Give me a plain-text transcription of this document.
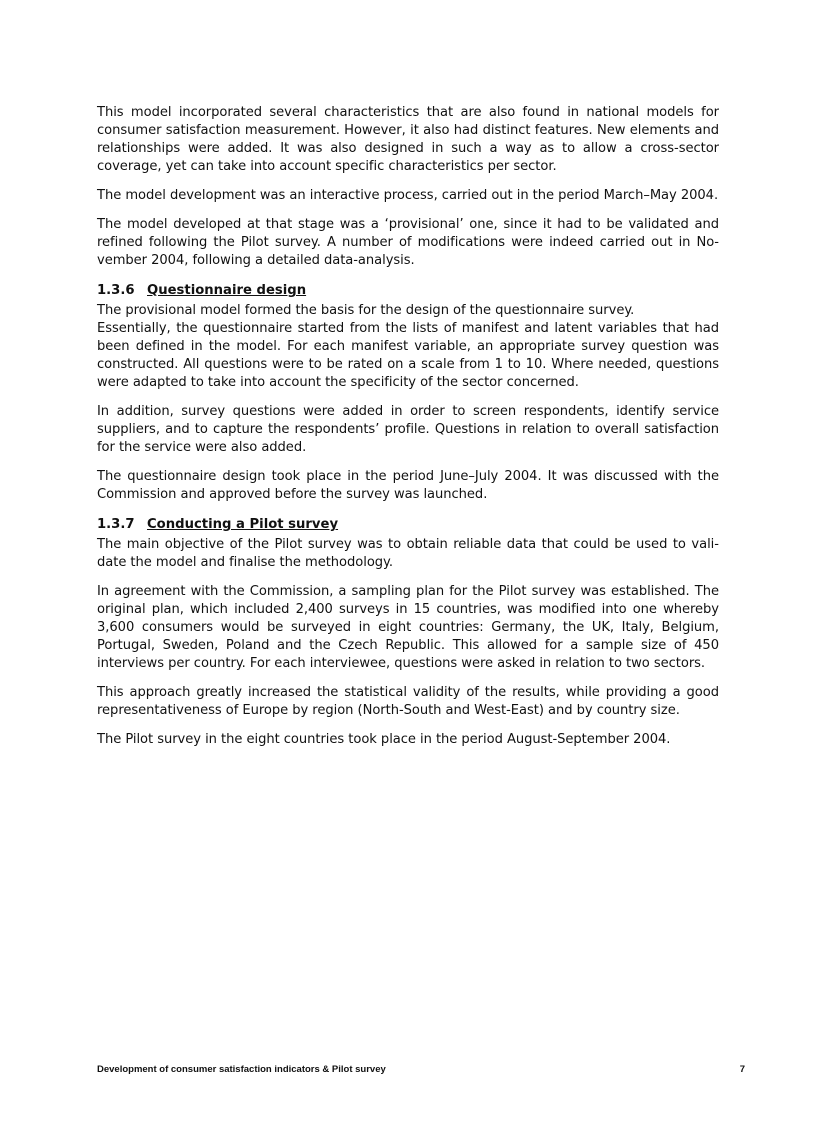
This model incorporated several characteristics that are also found in national models for consumer satisfaction measurement. However, it also had distinct features. New elements and relationships were added. It was also designed in such a way as to allow a cross-sector coverage, yet can take into account specific characteristics per sector.

The model development was an interactive process, carried out in the period March–May 2004.

The model developed at that stage was a ‘provisional’ one, since it had to be validated and refined following the Pilot survey. A number of modifications were indeed carried out in November 2004, following a detailed data-analysis.

1.3.6 Questionnaire design

The provisional model formed the basis for the design of the questionnaire survey.

Essentially, the questionnaire started from the lists of manifest and latent variables that had been defined in the model. For each manifest variable, an appropriate survey question was constructed. All questions were to be rated on a scale from 1 to 10. Where needed, questions were adapted to take into account the specificity of the sector concerned.

In addition, survey questions were added in order to screen respondents, identify service suppliers, and to capture the respondents’ profile. Questions in relation to overall satisfaction for the service were also added.

The questionnaire design took place in the period June–July 2004. It was discussed with the Commission and approved before the survey was launched.

1.3.7 Conducting a Pilot survey

The main objective of the Pilot survey was to obtain reliable data that could be used to validate the model and finalise the methodology.

In agreement with the Commission, a sampling plan for the Pilot survey was established. The original plan, which included 2,400 surveys in 15 countries, was modified into one whereby 3,600 consumers would be surveyed in eight countries: Germany, the UK, Italy, Belgium, Portugal, Sweden, Poland and the Czech Republic. This allowed for a sample size of 450 interviews per country. For each interviewee, questions were asked in relation to two sectors.

This approach greatly increased the statistical validity of the results, while providing a good representativeness of Europe by region (North-South and West-East) and by country size.

The Pilot survey in the eight countries took place in the period August-September 2004.

Development of consumer satisfaction indicators & Pilot survey	7
